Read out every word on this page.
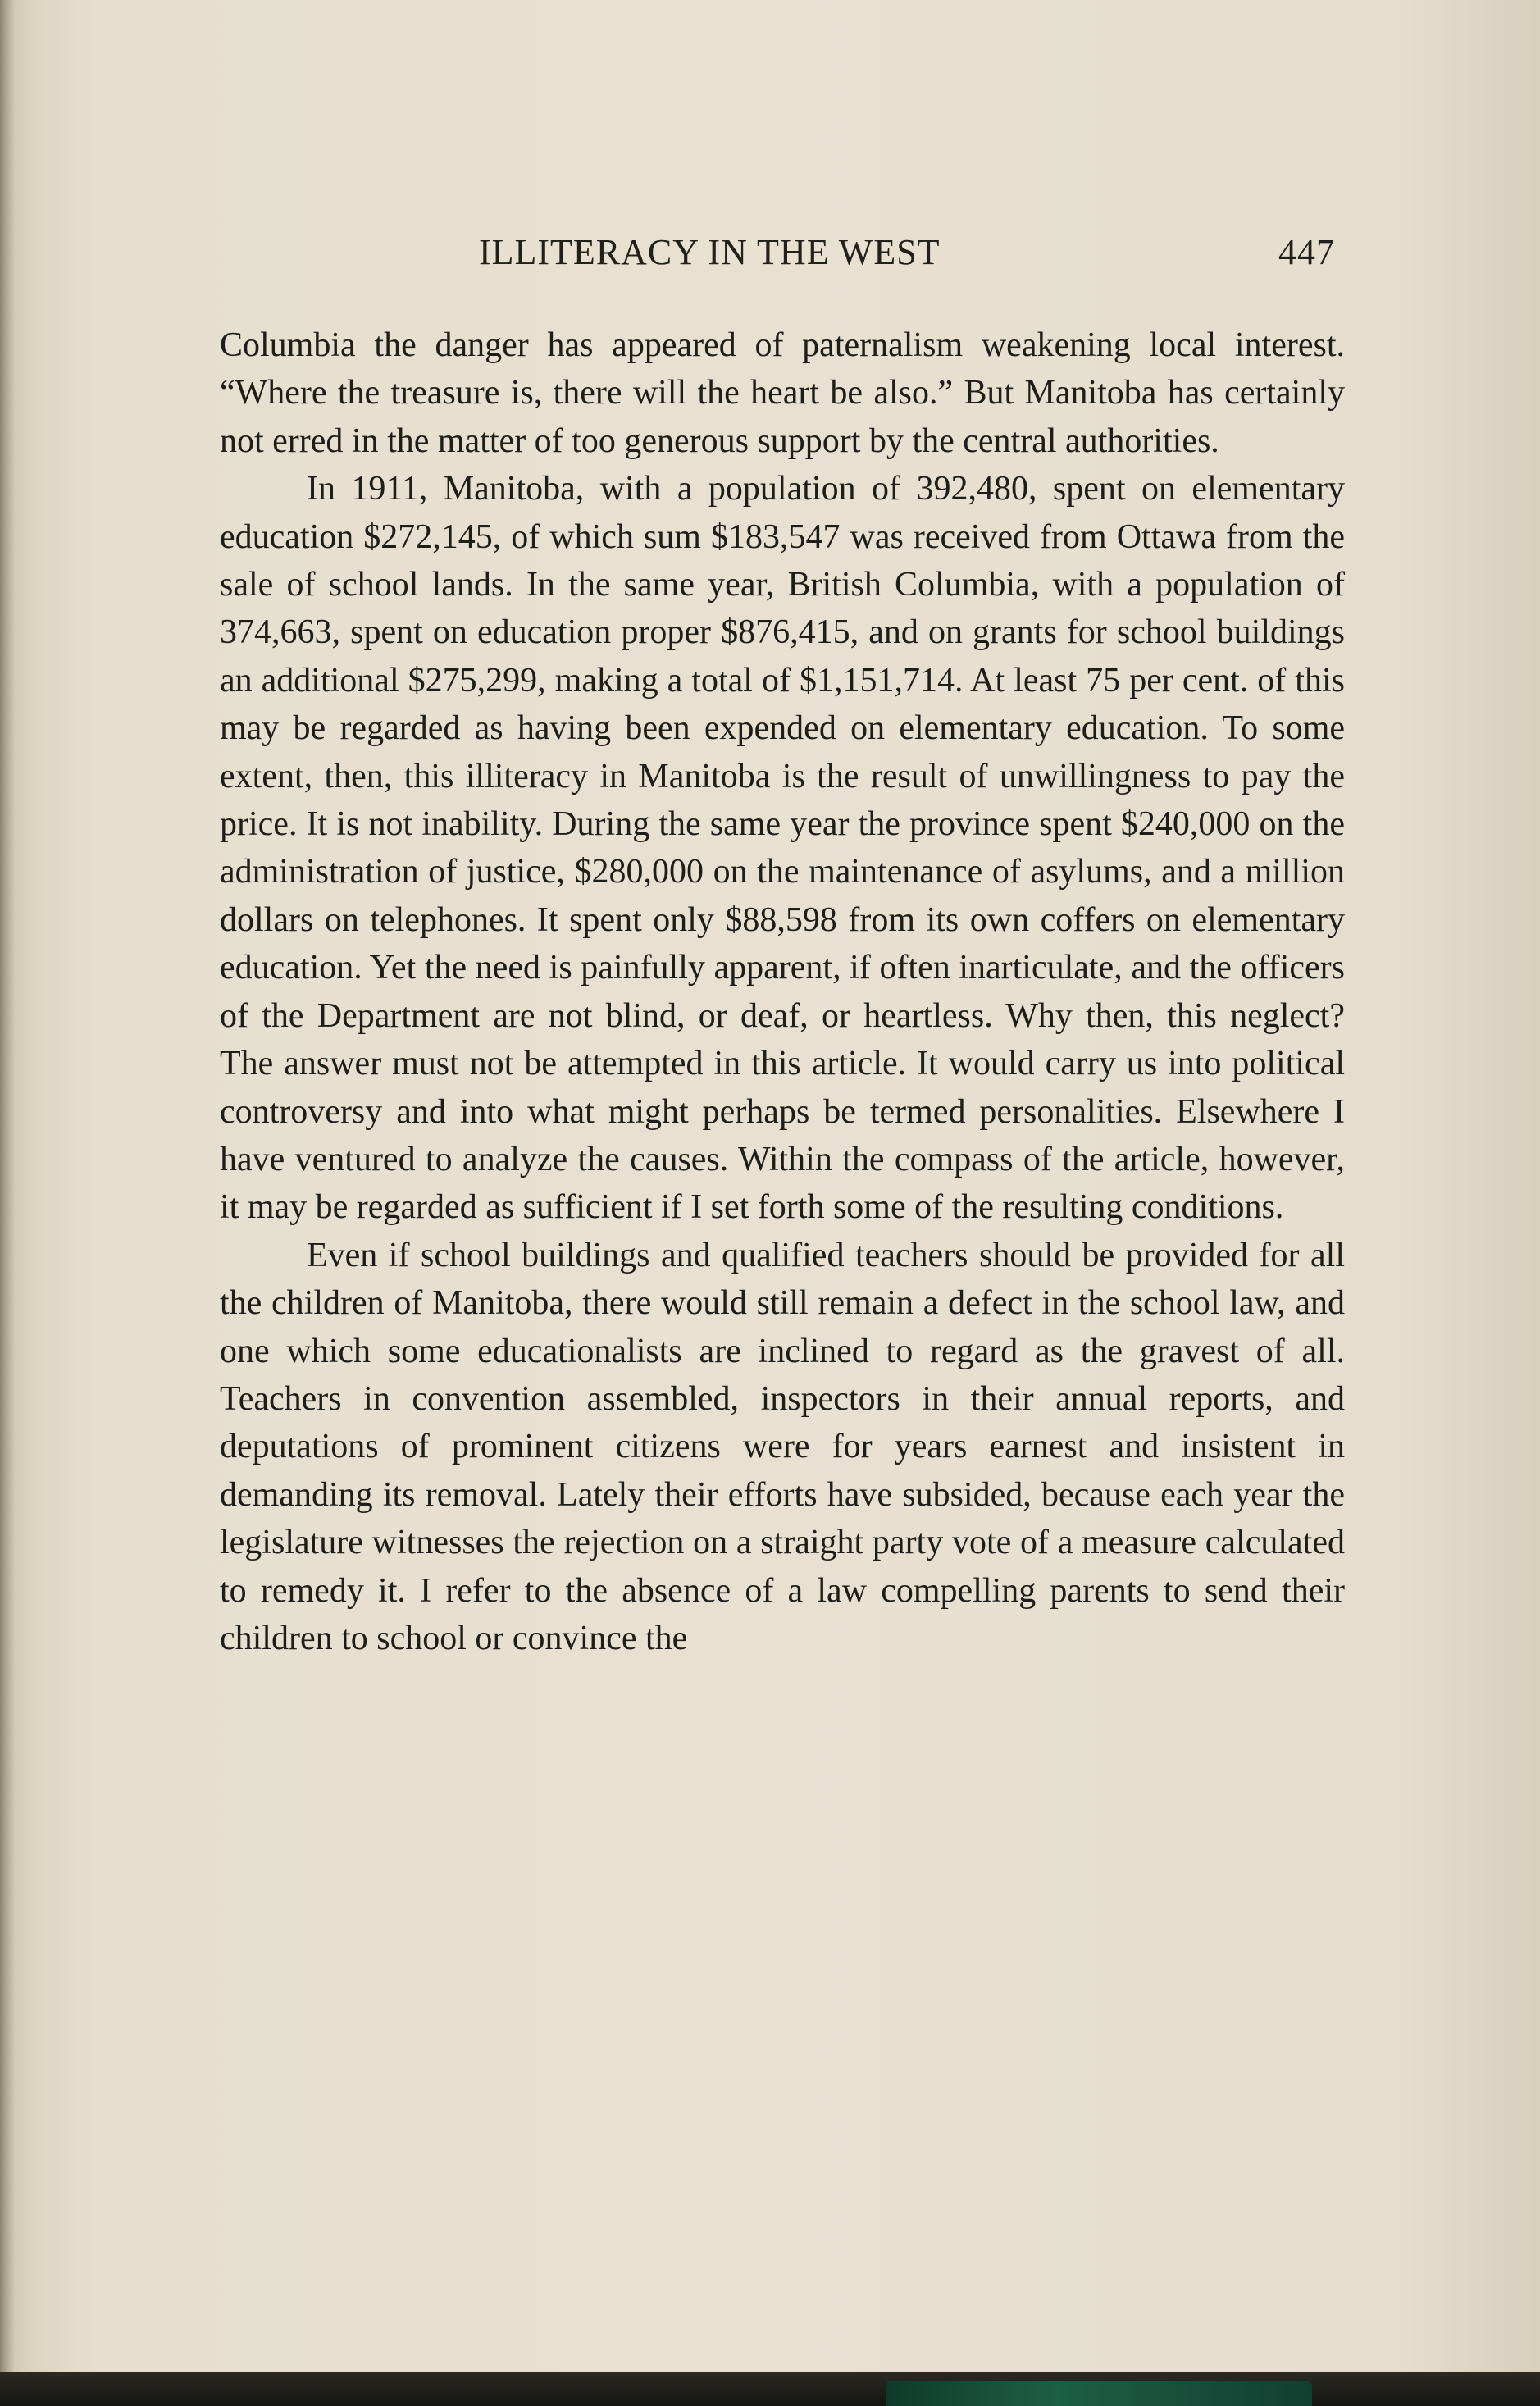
ILLITERACY IN THE WEST	447

Columbia the danger has appeared of paternalism weakening local interest. “Where the treasure is, there will the heart be also.” But Manitoba has certainly not erred in the matter of too generous support by the central authorities.

In 1911, Manitoba, with a population of 392,480, spent on elementary education $272,145, of which sum $183,547 was received from Ottawa from the sale of school lands. In the same year, British Columbia, with a population of 374,663, spent on education proper $876,415, and on grants for school buildings an additional $275,299, making a total of $1,151,714. At least 75 per cent. of this may be regarded as having been expended on elementary education. To some extent, then, this illiteracy in Manitoba is the result of unwillingness to pay the price. It is not inability. During the same year the province spent $240,000 on the administration of justice, $280,000 on the maintenance of asylums, and a million dollars on telephones. It spent only $88,598 from its own coffers on elementary education. Yet the need is painfully apparent, if often inarticulate, and the officers of the Department are not blind, or deaf, or heartless. Why then, this neglect? The answer must not be attempted in this article. It would carry us into political controversy and into what might perhaps be termed personalities. Elsewhere I have ventured to analyze the causes. Within the compass of the article, however, it may be regarded as sufficient if I set forth some of the resulting conditions.

Even if school buildings and qualified teachers should be provided for all the children of Manitoba, there would still remain a defect in the school law, and one which some educationalists are inclined to regard as the gravest of all. Teachers in convention assembled, inspectors in their annual reports, and deputations of prominent citizens were for years earnest and insistent in demanding its removal. Lately their efforts have subsided, because each year the legislature witnesses the rejection on a straight party vote of a measure calculated to remedy it. I refer to the absence of a law compelling parents to send their children to school or convince the
